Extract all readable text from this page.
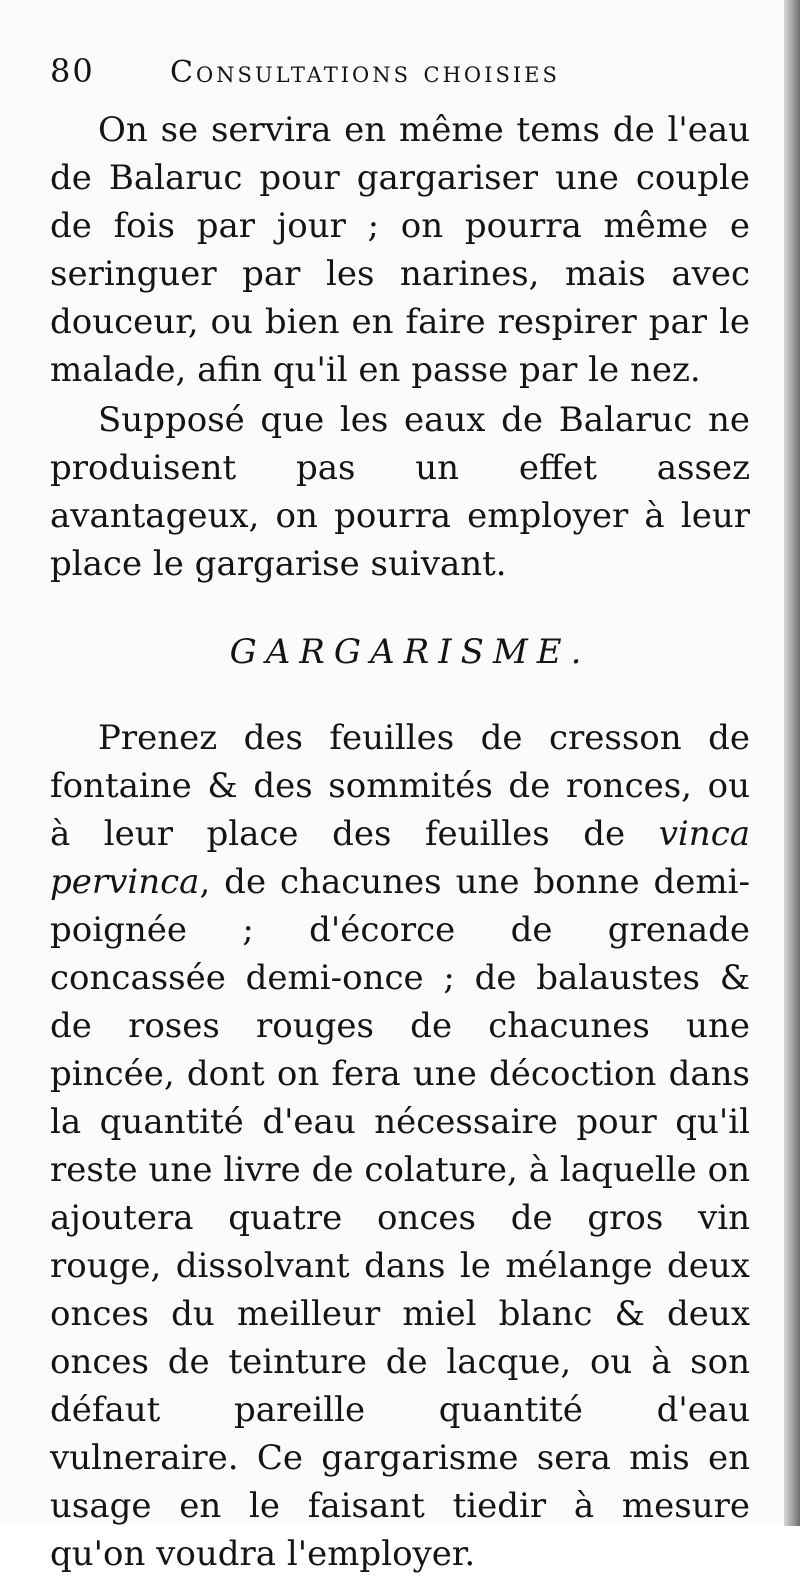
80	Consultations choisies

On se servira en même tems de l'eau de Balaruc pour gargariser une couple de fois par jour ; on pourra même e seringuer par les narines, mais avec douceur, ou bien en faire respirer par le malade, afin qu'il en passe par le nez.

Supposé que les eaux de Balaruc ne produisent pas un effet assez avantageux, on pourra employer à leur place le gargarise suivant.

GARGARISME.

Prenez des feuilles de cresson de fontaine & des sommités de ronces, ou à leur place des feuilles de vinca pervinca, de chacunes une bonne demi-poignée ; d'écorce de grenade concassée demi-once ; de balaustes & de roses rouges de chacunes une pincée, dont on fera une décoction dans la quantité d'eau nécessaire pour qu'il reste une livre de colature, à laquelle on ajoutera quatre onces de gros vin rouge, dissolvant dans le mélange deux onces du meilleur miel blanc & deux onces de teinture de lacque, ou à son défaut pareille quantité d'eau vulneraire. Ce gargarisme sera mis en usage en le faisant tiedir à mesure qu'on voudra l'employer.
